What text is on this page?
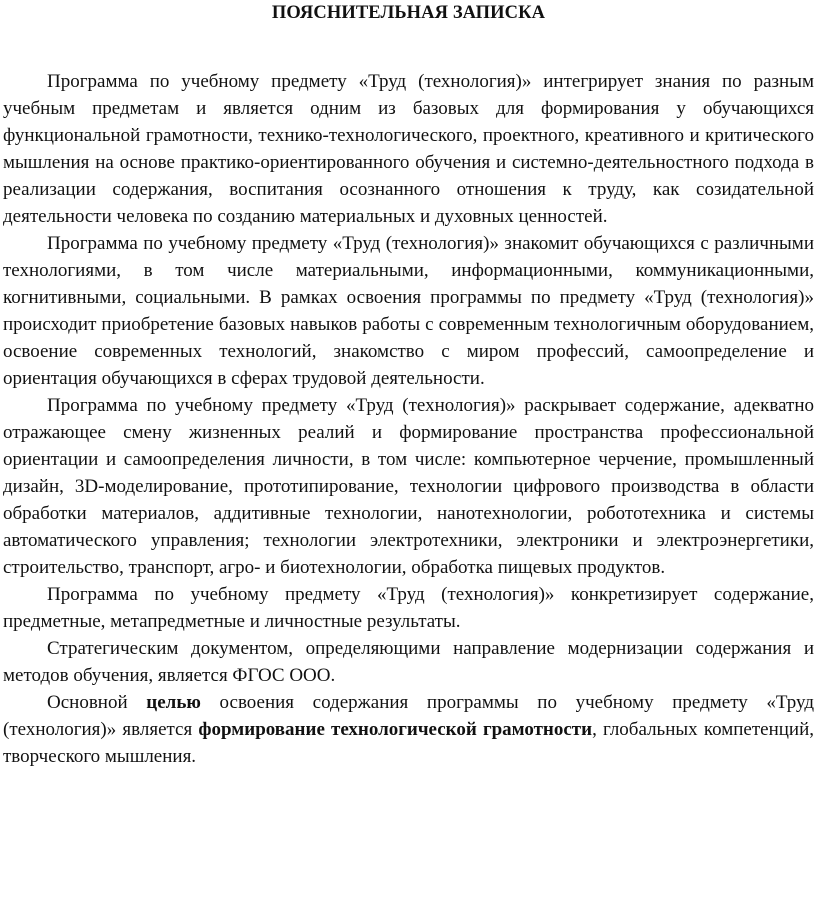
ПОЯСНИТЕЛЬНАЯ ЗАПИСКА

Программа по учебному предмету «Труд (технология)» интегрирует знания по разным учебным предметам и является одним из базовых для формирования у обучающихся функциональной грамотности, технико-технологического, проектного, креативного и критического мышления на основе практико-ориентированного обучения и системно-деятельностного подхода в реализации содержания, воспитания осознанного отношения к труду, как созидательной деятельности человека по созданию материальных и духовных ценностей.

Программа по учебному предмету «Труд (технология)» знакомит обучающихся с различными технологиями, в том числе материальными, информационными, коммуникационными, когнитивными, социальными. В рамках освоения программы по предмету «Труд (технология)» происходит приобретение базовых навыков работы с современным технологичным оборудованием, освоение современных технологий, знакомство с миром профессий, самоопределение и ориентация обучающихся в сферах трудовой деятельности.

Программа по учебному предмету «Труд (технология)» раскрывает содержание, адекватно отражающее смену жизненных реалий и формирование пространства профессиональной ориентации и самоопределения личности, в том числе: компьютерное черчение, промышленный дизайн, 3D-моделирование, прототипирование, технологии цифрового производства в области обработки материалов, аддитивные технологии, нанотехнологии, робототехника и системы автоматического управления; технологии электротехники, электроники и электроэнергетики, строительство, транспорт, агро- и биотехнологии, обработка пищевых продуктов.

Программа по учебному предмету «Труд (технология)» конкретизирует содержание, предметные, метапредметные и личностные результаты.

Стратегическим документом, определяющими направление модернизации содержания и методов обучения, является ФГОС ООО.

Основной целью освоения содержания программы по учебному предмету «Труд (технология)» является формирование технологической грамотности, глобальных компетенций, творческого мышления.
